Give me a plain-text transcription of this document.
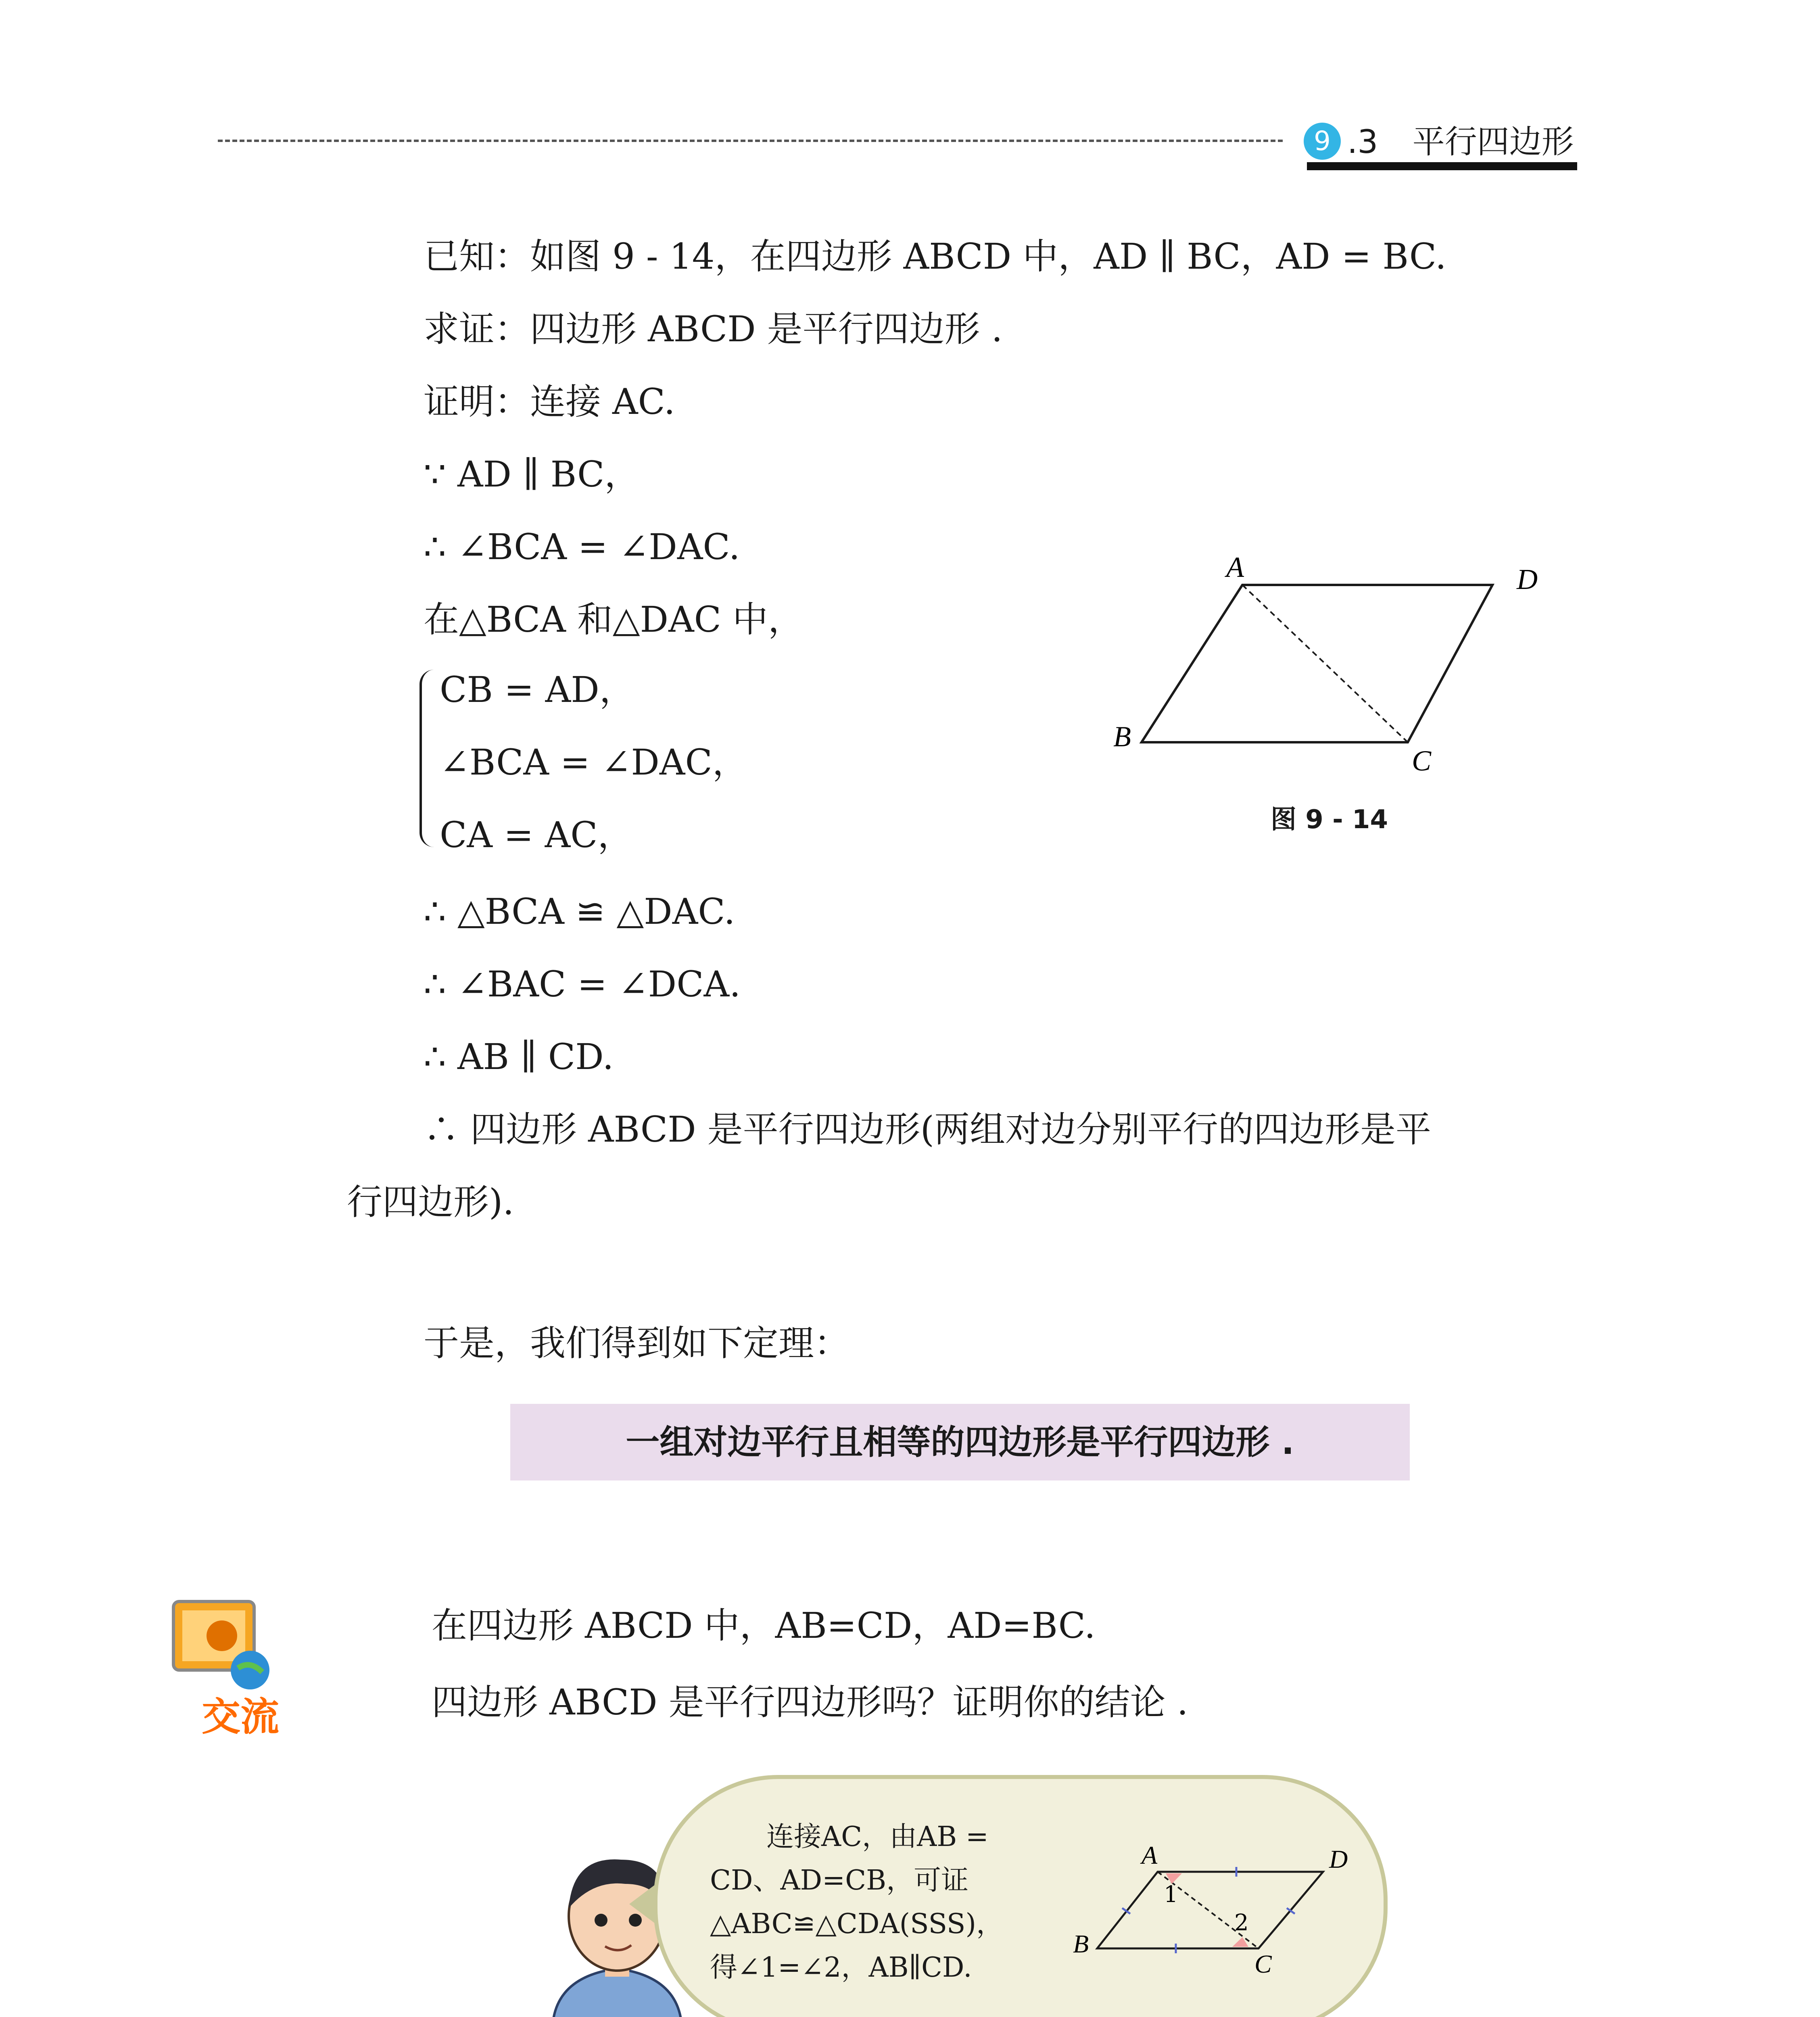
9 .3 平行四边形
已知：如图 9 - 14，在四边形 ABCD 中，AD ∥ BC，AD = BC.
求证：四边形 ABCD 是平行四边形 .
证明：连接 AC.
∵ AD ∥ BC，
∴ ∠BCA = ∠DAC.
在△BCA 和△DAC 中，
CB = AD，
∠BCA = ∠DAC，
CA = AC，
∴ △BCA ≌ △DAC.
∴ ∠BAC = ∠DCA.
∴ AB ∥ CD.
∴ 四边形 ABCD 是平行四边形(两组对边分别平行的四边形是平
行四边形).
A	D
B
C
图 9 - 14
于是，我们得到如下定理：
一组对边平行且相等的四边形是平行四边形 .
交流
在四边形 ABCD 中，AB=CD，AD=BC.
四边形 ABCD 是平行四边形吗？证明你的结论 .
连接AC，由AB =
CD、AD=CB，可证
△ABC≌△CDA(SSS)，
得∠1=∠2，AB∥CD.
A	D
B
C
1
2
